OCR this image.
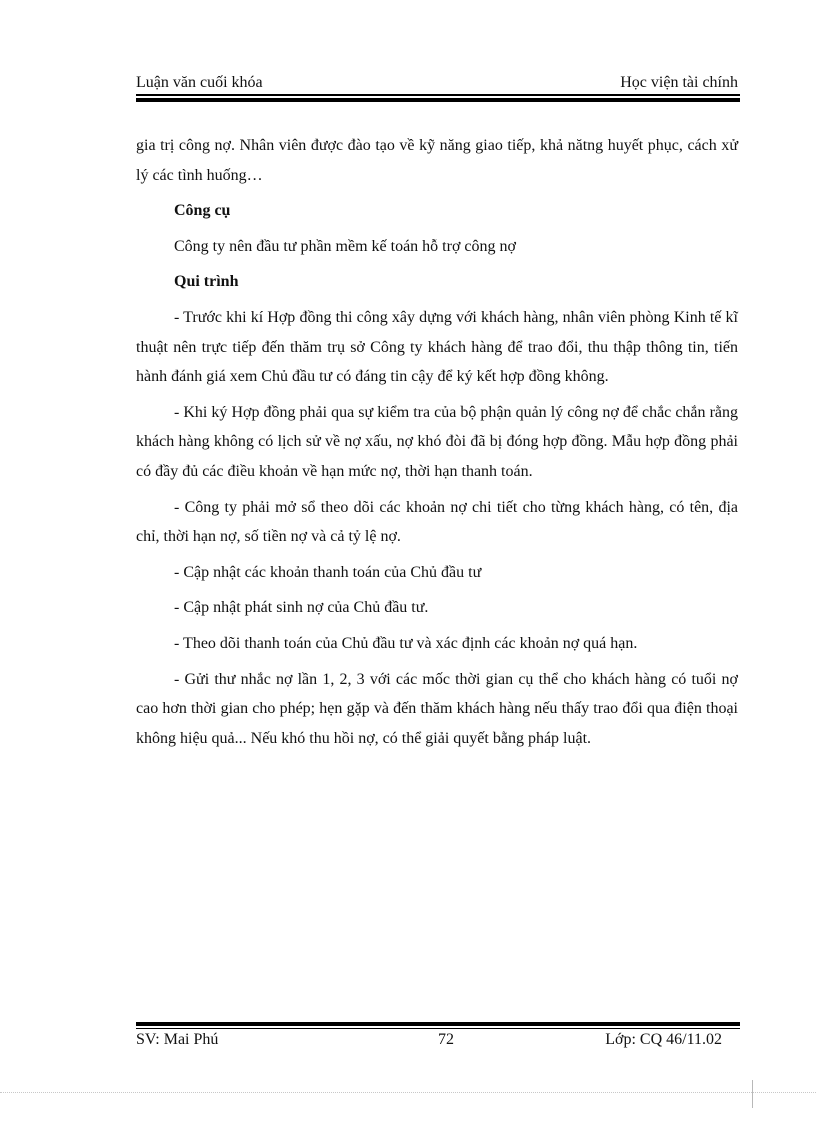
Luận văn cuối khóa	Học viện tài chính

gia trị công nợ. Nhân viên được đào tạo về kỹ năng giao tiếp, khả nătng huyết phục, cách xử lý các tình huống…

Công cụ

Công ty nên đầu tư phần mềm kế toán hỗ trợ công nợ

Qui trình

- Trước khi kí Hợp đồng thi công xây dựng với khách hàng, nhân viên phòng Kinh tế kĩ thuật nên trực tiếp đến thăm trụ sở Công ty khách hàng để trao đổi, thu thập thông tin, tiến hành đánh giá xem Chủ đầu tư có đáng tin cậy để ký kết hợp đồng không.

- Khi ký Hợp đồng phải qua sự kiểm tra của bộ phận quản lý công nợ để chắc chắn rằng khách hàng không có lịch sử về nợ xấu, nợ khó đòi đã bị đóng hợp đồng. Mẫu hợp đồng phải có đầy đủ các điều khoản về hạn mức nợ, thời hạn thanh toán.

- Công ty phải mở sổ theo dõi các khoản nợ chi tiết cho từng khách hàng, có tên, địa chỉ, thời hạn nợ, số tiền nợ và cả tỷ lệ nợ.

- Cập nhật các khoản thanh toán của Chủ đầu tư

- Cập nhật phát sinh nợ của Chủ đầu tư.

- Theo dõi thanh toán của Chủ đầu tư và xác định các khoản nợ quá hạn.

- Gửi thư nhắc nợ lần 1, 2, 3 với các mốc thời gian cụ thể cho khách hàng có tuổi nợ cao hơn thời gian cho phép; hẹn gặp và đến thăm khách hàng nếu thấy trao đổi qua điện thoại không hiệu quả... Nếu khó thu hồi nợ, có thể giải quyết bằng pháp luật.

SV: Mai Phú	72	Lớp: CQ 46/11.02
